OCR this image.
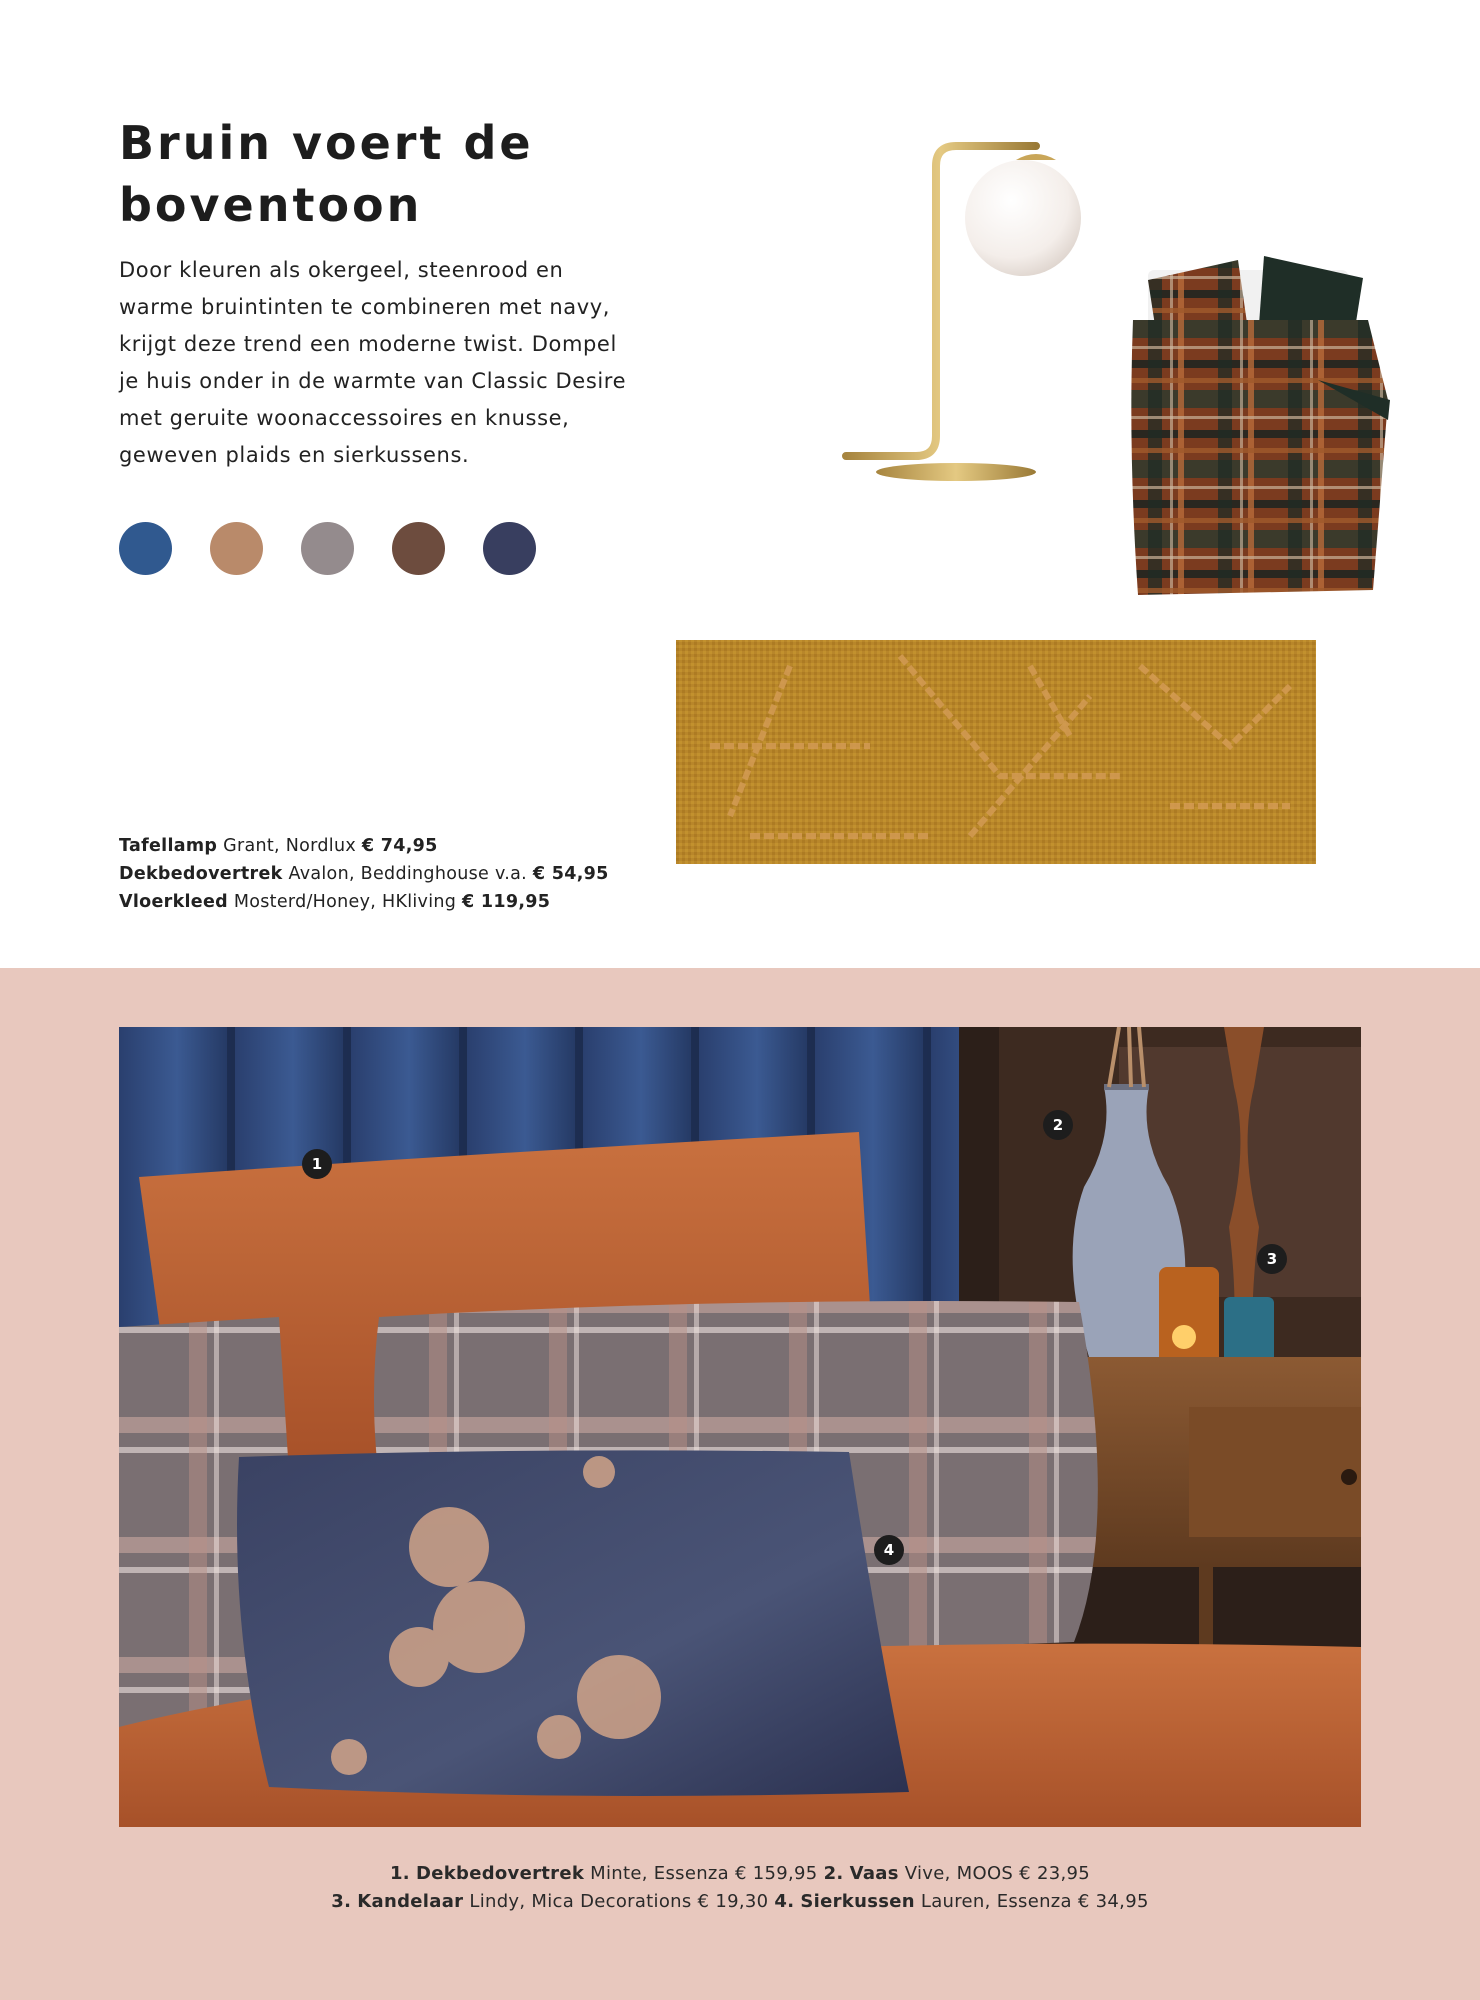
Bruin voert de boventoon

Door kleuren als okergeel, steenrood en warme bruintinten te combineren met navy, krijgt deze trend een moderne twist. Dompel je huis onder in de warmte van Classic Desire met geruite woonaccessoires en knusse, geweven plaids en sierkussens.

Tafellamp Grant, Nordlux € 74,95
Dekbedovertrek Avalon, Beddinghouse v.a. € 54,95
Vloerkleed Mosterd/Honey, HKliving € 119,95
1
2
3
4
1. Dekbedovertrek Minte, Essenza € 159,95 2. Vaas Vive, MOOS € 23,95
3. Kandelaar Lindy, Mica Decorations € 19,30 4. Sierkussen Lauren, Essenza € 34,95
